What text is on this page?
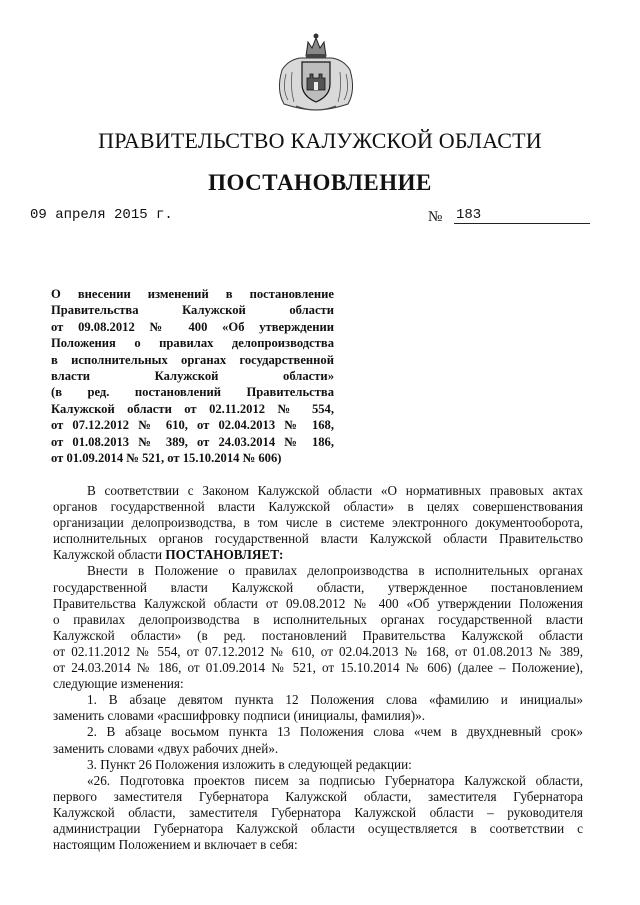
ПРАВИТЕЛЬСТВО КАЛУЖСКОЙ ОБЛАСТИ
ПОСТАНОВЛЕНИЕ
09 апреля 2015 г.	№ 183
О внесении изменений в постановление
Правительства Калужской области
от 09.08.2012 № 400 «Об утверждении
Положения о правилах делопроизводства
в исполнительных органах государственной
власти Калужской области»
(в ред. постановлений Правительства
Калужской области от 02.11.2012 № 554,
от 07.12.2012 № 610, от 02.04.2013 № 168,
от 01.08.2013 № 389, от 24.03.2014 № 186,
от 01.09.2014 № 521, от 15.10.2014 № 606)
В соответствии с Законом Калужской области «О нормативных правовых актах
органов государственной власти Калужской области» в целях совершенствования
организации делопроизводства, в том числе в системе электронного документооборота,
исполнительных органов государственной власти Калужской области Правительство
Калужской области ПОСТАНОВЛЯЕТ:
Внести в Положение о правилах делопроизводства в исполнительных органах
государственной власти Калужской области, утвержденное постановлением
Правительства Калужской области от 09.08.2012 № 400 «Об утверждении Положения
о правилах делопроизводства в исполнительных органах государственной власти
Калужской области» (в ред. постановлений Правительства Калужской области
от 02.11.2012 № 554, от 07.12.2012 № 610, от 02.04.2013 № 168, от 01.08.2013 № 389,
от 24.03.2014 № 186, от 01.09.2014 № 521, от 15.10.2014 № 606) (далее – Положение),
следующие изменения:
1. В абзаце девятом пункта 12 Положения слова «фамилию и инициалы»
заменить словами «расшифровку подписи (инициалы, фамилия)».
2. В абзаце восьмом пункта 13 Положения слова «чем в двухдневный срок»
заменить словами «двух рабочих дней».
3. Пункт 26 Положения изложить в следующей редакции:
«26. Подготовка проектов писем за подписью Губернатора Калужской области,
первого заместителя Губернатора Калужской области, заместителя Губернатора
Калужской области, заместителя Губернатора Калужской области – руководителя
администрации Губернатора Калужской области осуществляется в соответствии с
настоящим Положением и включает в себя:
